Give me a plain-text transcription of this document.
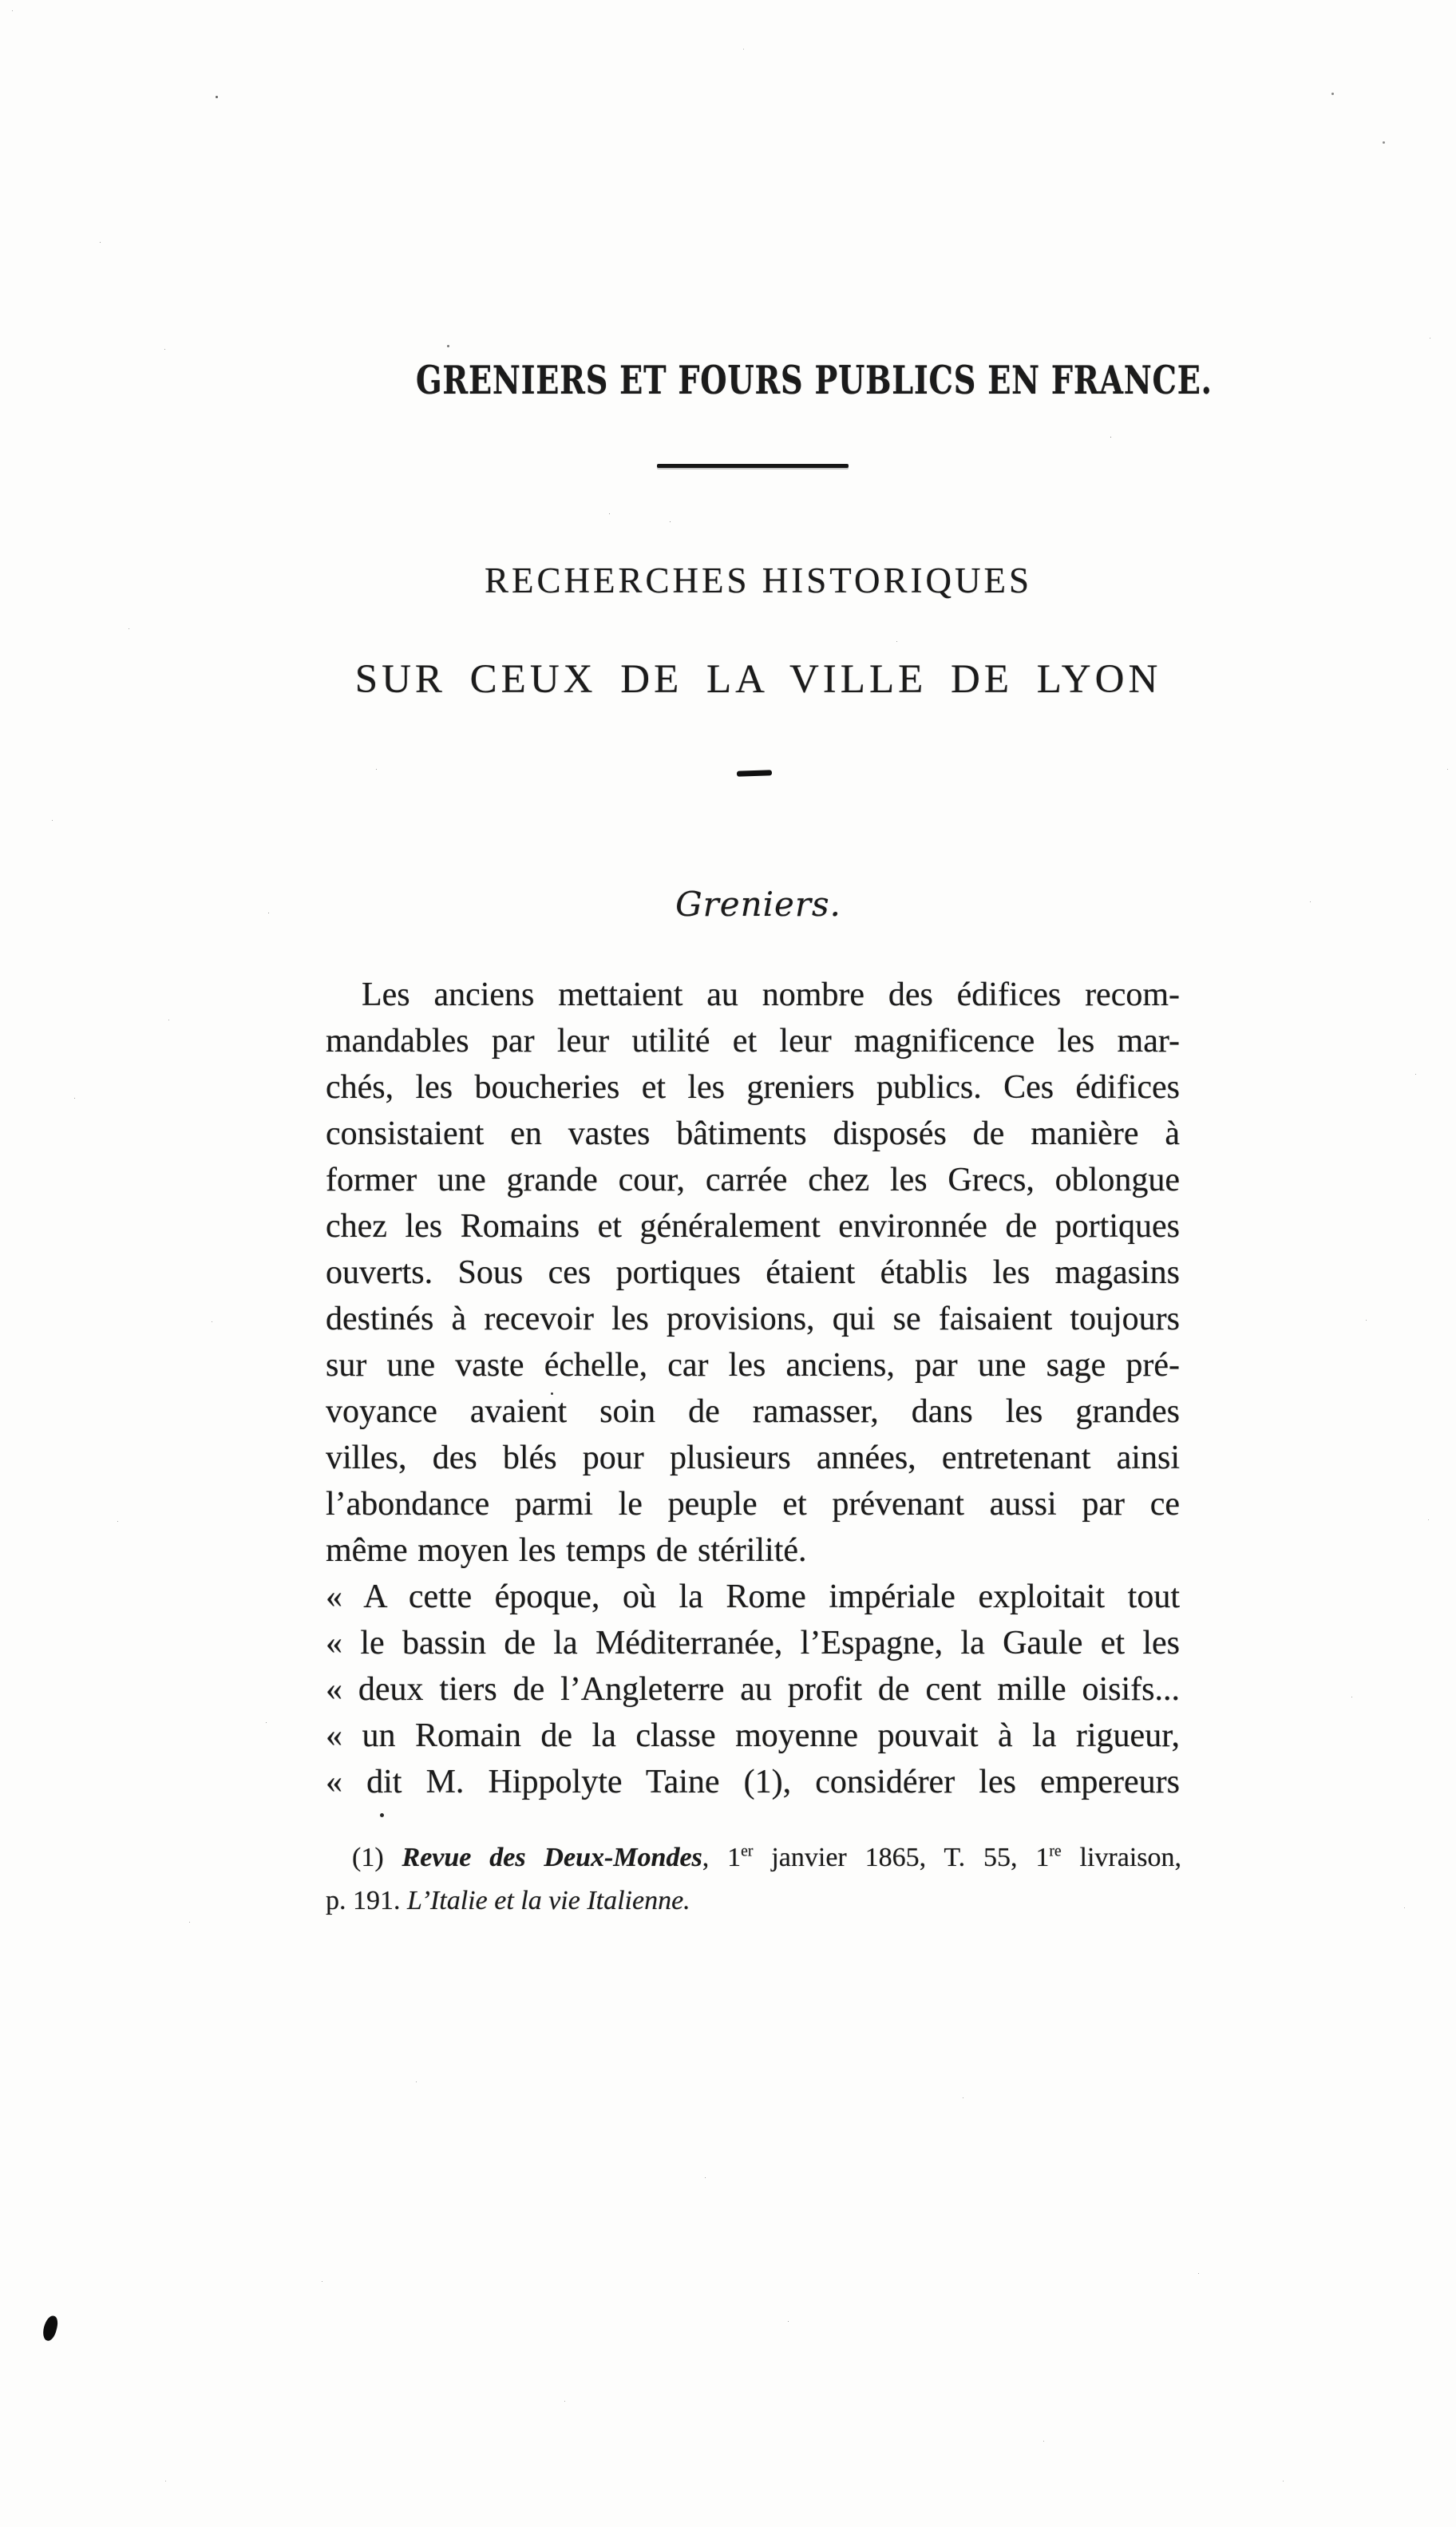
GRENIERS ET FOURS PUBLICS EN FRANCE.
RECHERCHES HISTORIQUES
SUR CEUX DE LA VILLE DE LYON
Greniers.
Les anciens mettaient au nombre des édifices recom-
mandables par leur utilité et leur magnificence les mar-
chés, les boucheries et les greniers publics. Ces édifices
consistaient en vastes bâtiments disposés de manière à
former une grande cour, carrée chez les Grecs, oblongue
chez les Romains et généralement environnée de portiques
ouverts. Sous ces portiques étaient établis les magasins
destinés à recevoir les provisions, qui se faisaient toujours
sur une vaste échelle, car les anciens, par une sage pré-
voyance avaient soin de ramasser, dans les grandes
villes, des blés pour plusieurs années, entretenant ainsi
l’abondance parmi le peuple et prévenant aussi par ce
même moyen les temps de stérilité.
« A cette époque, où la Rome impériale exploitait tout
« le bassin de la Méditerranée, l’Espagne, la Gaule et les
« deux tiers de l’Angleterre au profit de cent mille oisifs...
« un Romain de la classe moyenne pouvait à la rigueur,
« dit M. Hippolyte Taine (1), considérer les empereurs
(1) Revue des Deux-Mondes, 1er janvier 1865, T. 55, 1re livraison,
p. 191. L’Italie et la vie Italienne.
